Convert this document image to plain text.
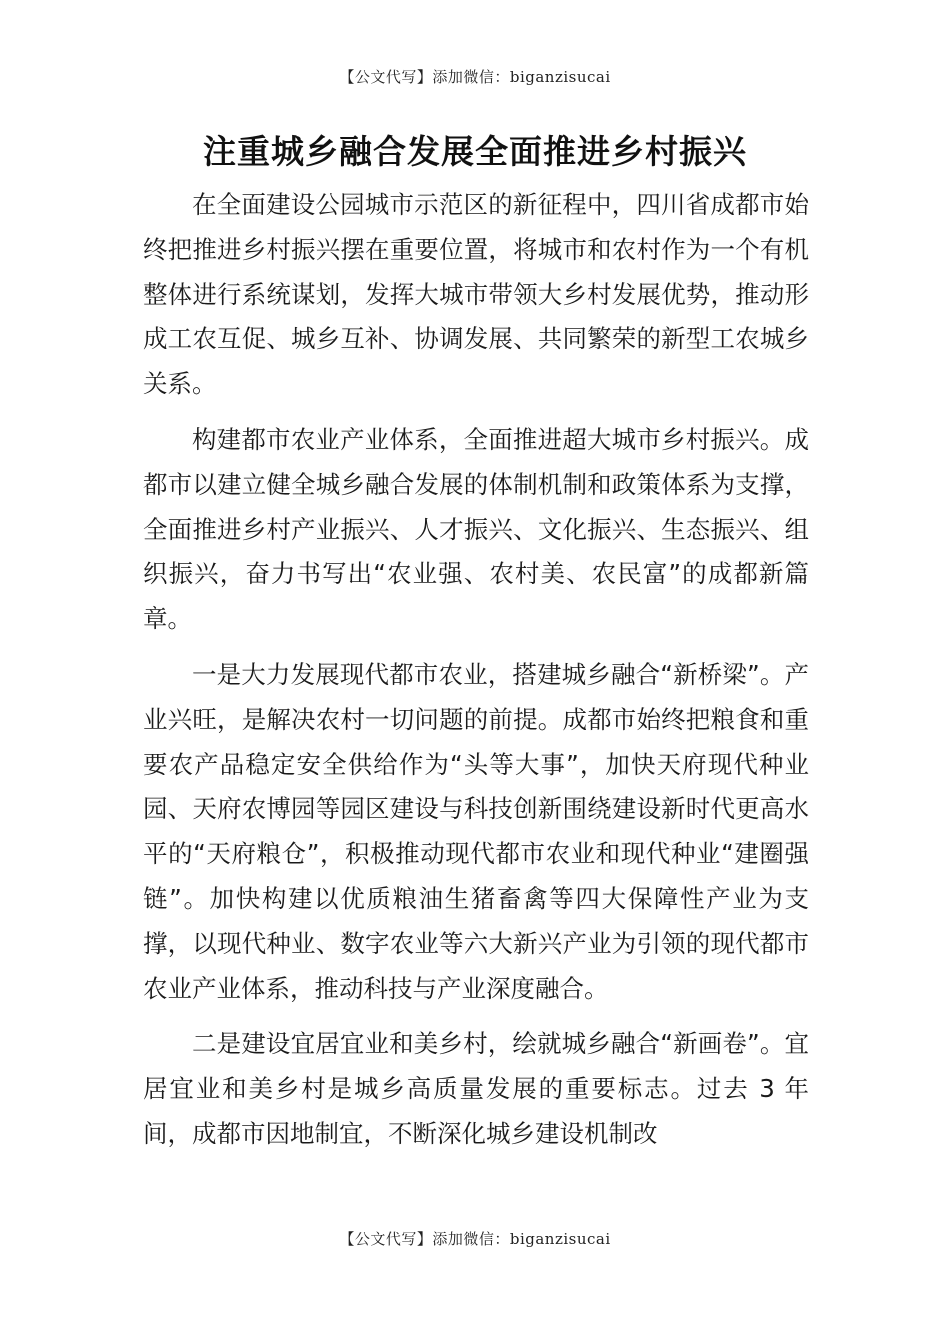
【公文代写】添加微信：biganzisucai
注重城乡融合发展全面推进乡村振兴

在全面建设公园城市示范区的新征程中，四川省成都市始终把推进乡村振兴摆在重要位置，将城市和农村作为一个有机整体进行系统谋划，发挥大城市带领大乡村发展优势，推动形成工农互促、城乡互补、协调发展、共同繁荣的新型工农城乡关系。

构建都市农业产业体系，全面推进超大城市乡村振兴。成都市以建立健全城乡融合发展的体制机制和政策体系为支撑，全面推进乡村产业振兴、人才振兴、文化振兴、生态振兴、组织振兴，奋力书写出“农业强、农村美、农民富”的成都新篇章。

一是大力发展现代都市农业，搭建城乡融合“新桥梁”。产业兴旺，是解决农村一切问题的前提。成都市始终把粮食和重要农产品稳定安全供给作为“头等大事”，加快天府现代种业园、天府农博园等园区建设与科技创新围绕建设新时代更高水平的“天府粮仓”，积极推动现代都市农业和现代种业“建圈强链”。加快构建以优质粮油生猪畜禽等四大保障性产业为支撑，以现代种业、数字农业等六大新兴产业为引领的现代都市农业产业体系，推动科技与产业深度融合。

二是建设宜居宜业和美乡村，绘就城乡融合“新画卷”。宜居宜业和美乡村是城乡高质量发展的重要标志。过去 3 年间，成都市因地制宜，不断深化城乡建设机制改

【公文代写】添加微信：biganzisucai
